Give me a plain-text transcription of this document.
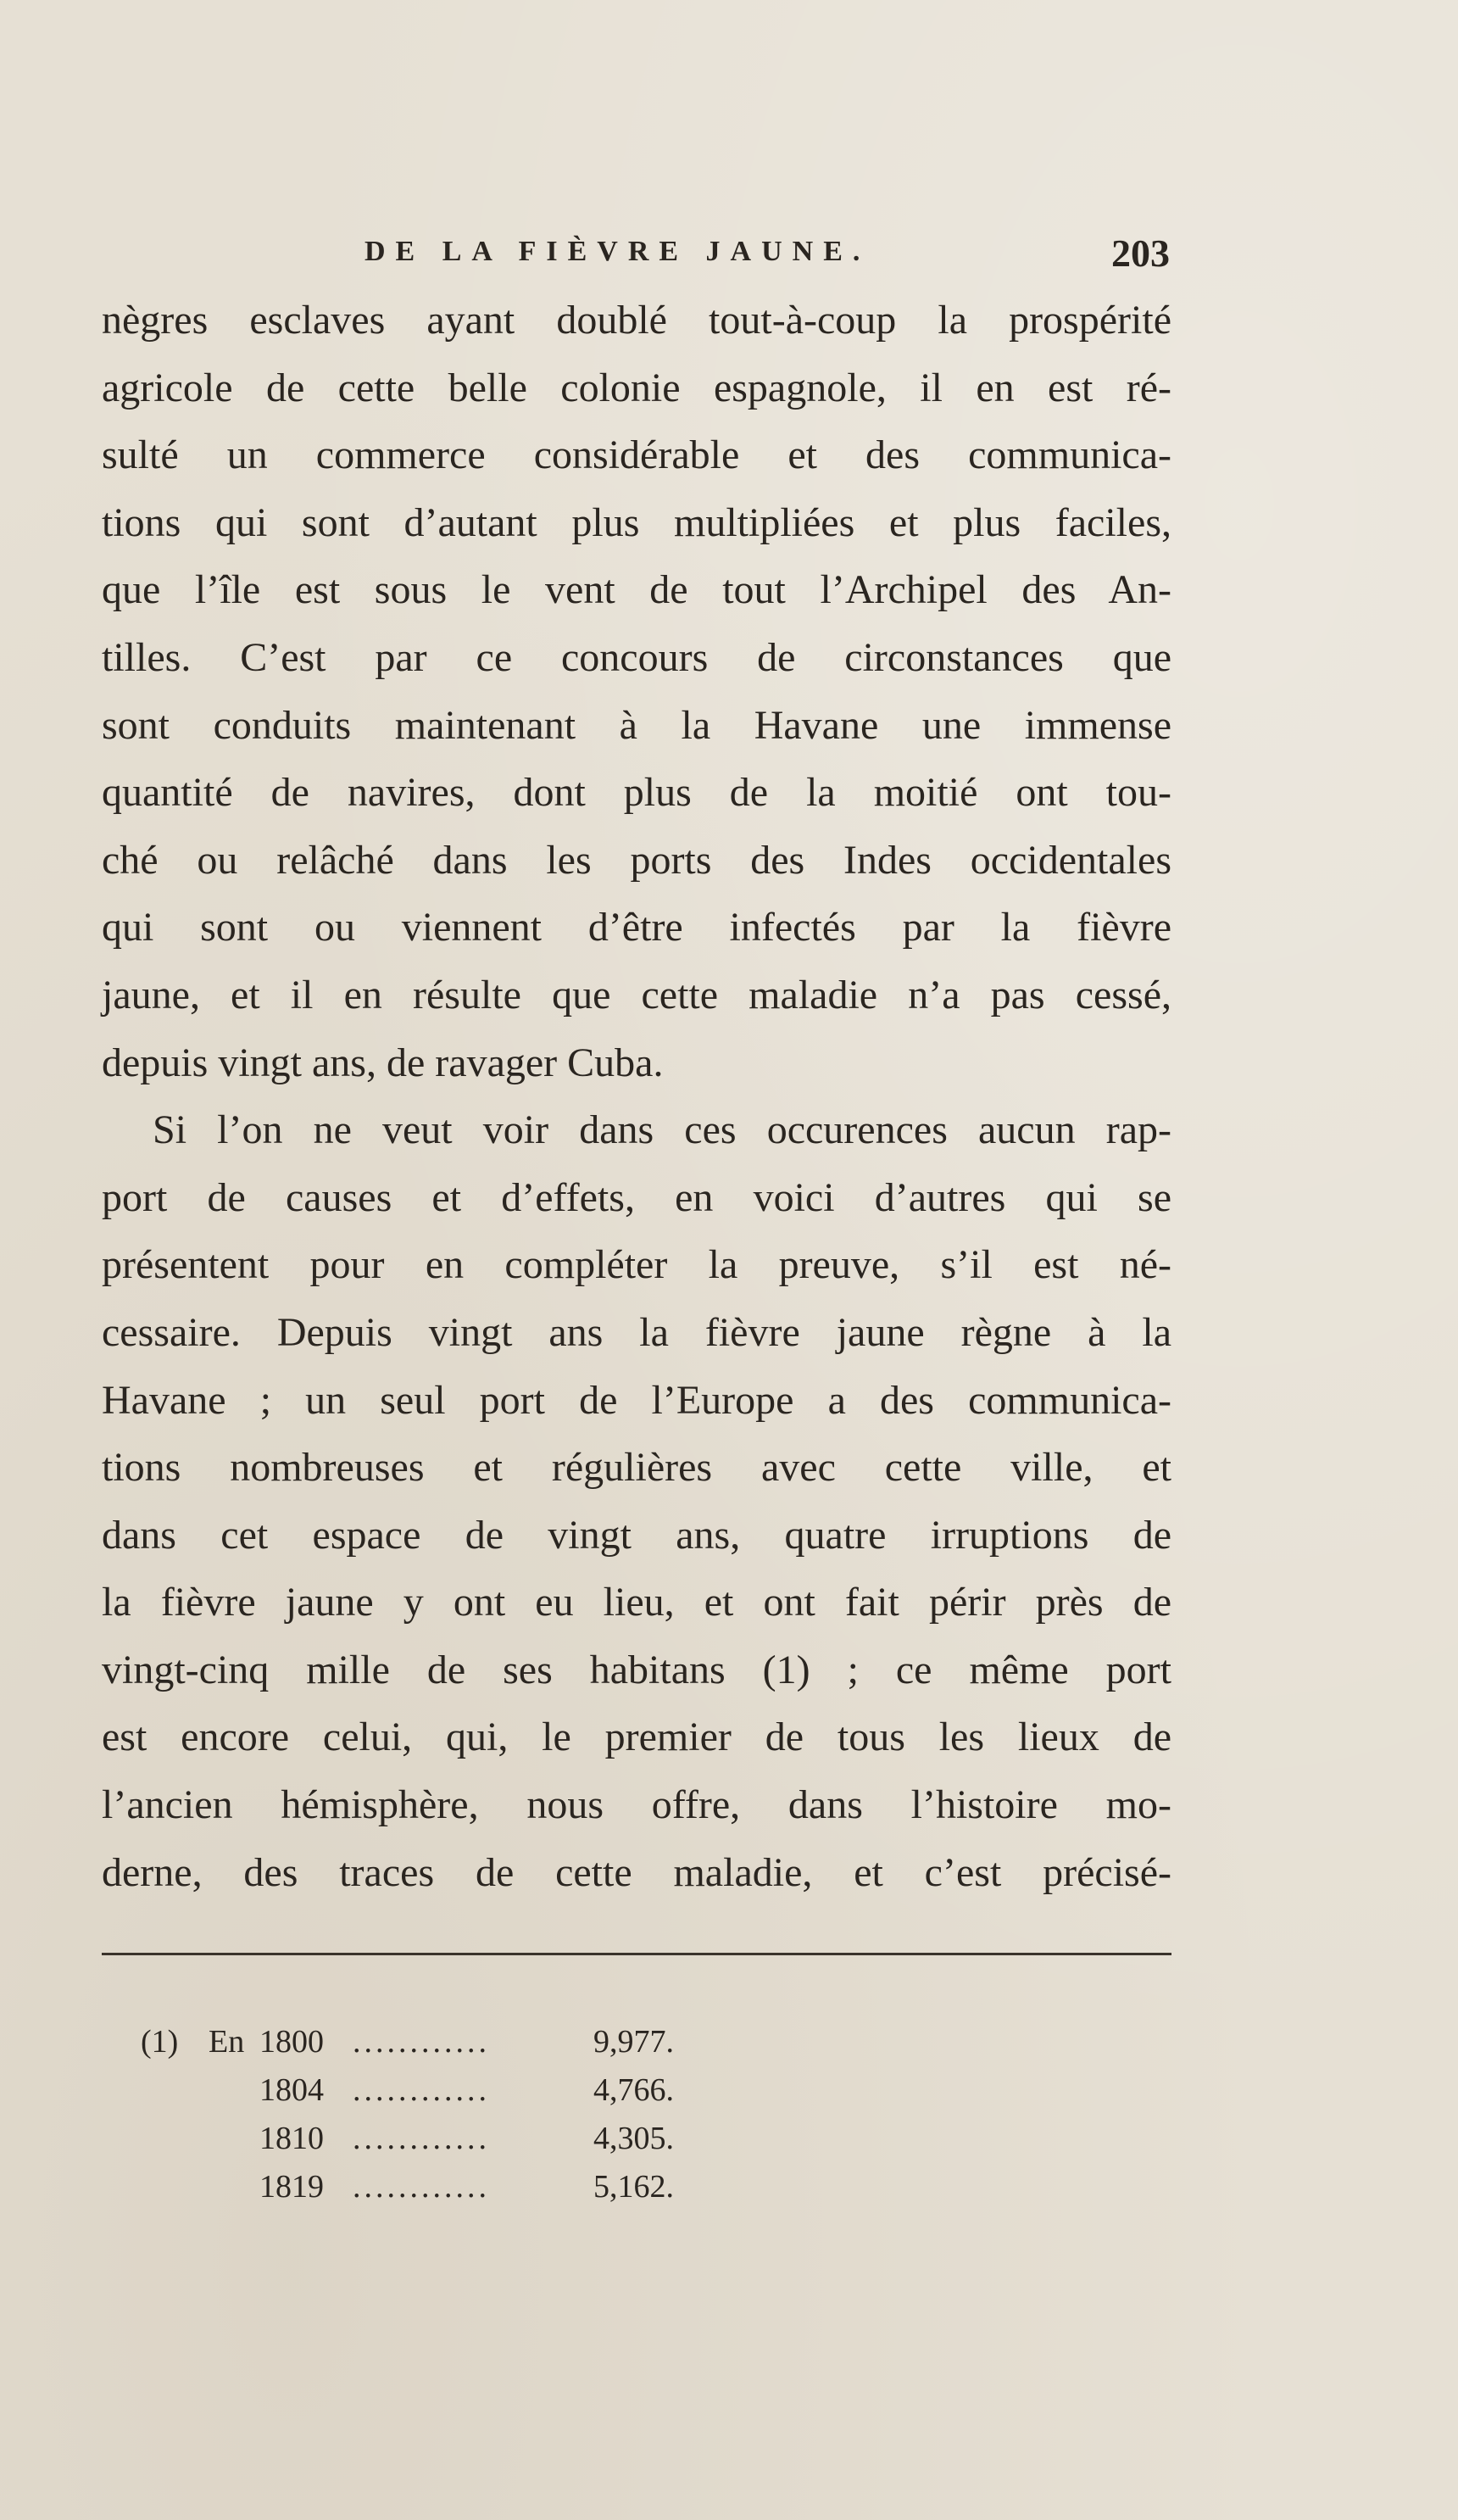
DE LA FIÈVRE JAUNE.	203
nègres esclaves ayant doublé tout-à-coup la prospérité
agricole de cette belle colonie espagnole, il en est ré-
sulté un commerce considérable et des communica-
tions qui sont d’autant plus multipliées et plus faciles,
que l’île est sous le vent de tout l’Archipel des An-
tilles. C’est par ce concours de circonstances que
sont conduits maintenant à la Havane une immense
quantité de navires, dont plus de la moitié ont tou-
ché ou relâché dans les ports des Indes occidentales
qui sont ou viennent d’être infectés par la fièvre
jaune, et il en résulte que cette maladie n’a pas cessé,
depuis vingt ans, de ravager Cuba.
Si l’on ne veut voir dans ces occurences aucun rap-
port de causes et d’effets, en voici d’autres qui se
présentent pour en compléter la preuve, s’il est né-
cessaire. Depuis vingt ans la fièvre jaune règne à la
Havane ; un seul port de l’Europe a des communica-
tions nombreuses et régulières avec cette ville, et
dans cet espace de vingt ans, quatre irruptions de
la fièvre jaune y ont eu lieu, et ont fait périr près de
vingt-cinq mille de ses habitans (1) ; ce même port
est encore celui, qui, le premier de tous les lieux de
l’ancien hémisphère, nous offre, dans l’histoire mo-
derne, des traces de cette maladie, et c’est précisé-
(1) En 1800 ............	9,977.
1804 ............	4,766.
1810 ............	4,305.
1819 ............	5,162.
